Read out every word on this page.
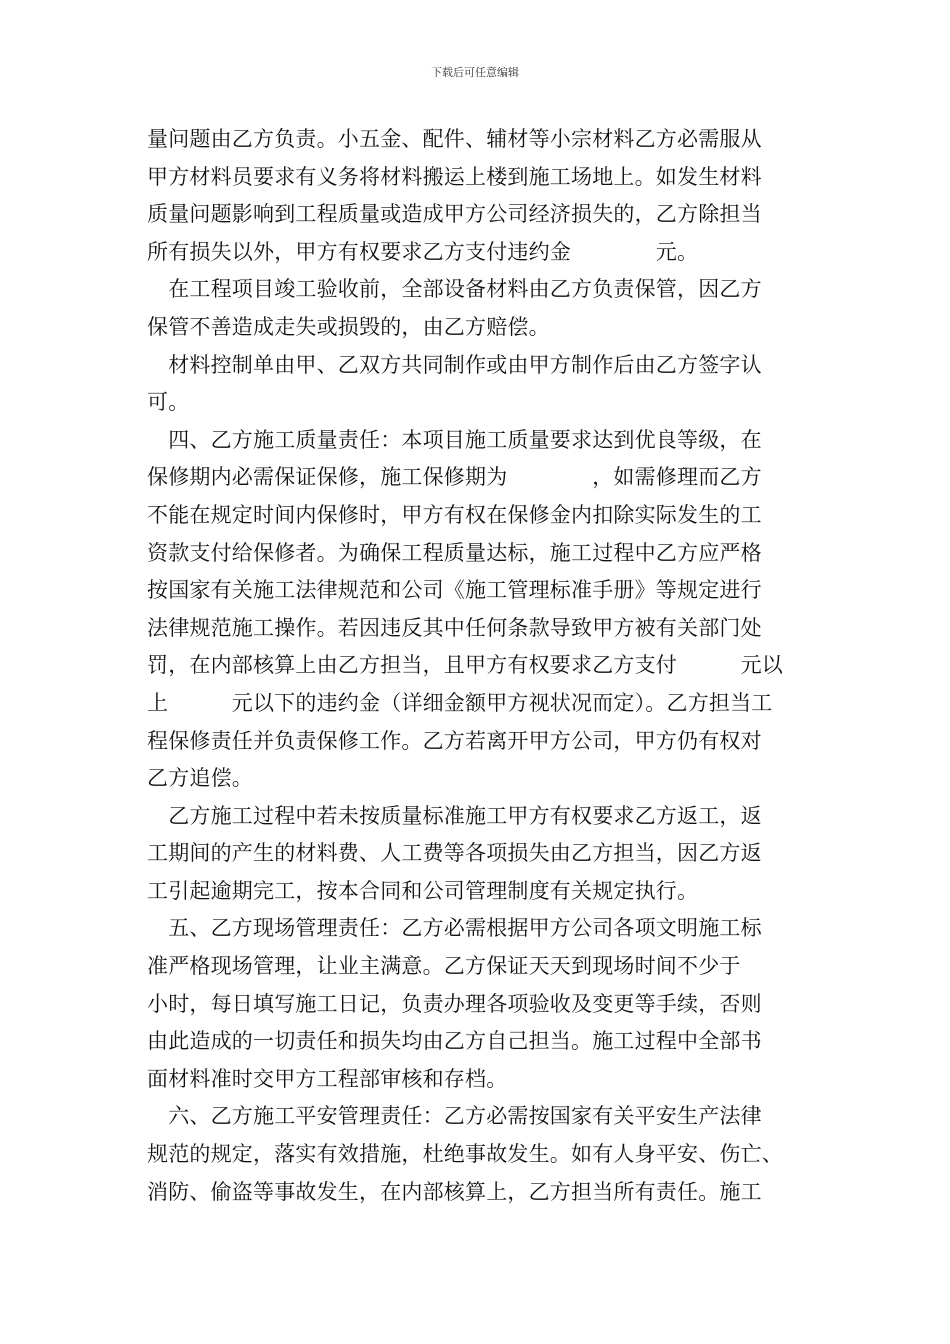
下载后可任意编辑
量问题由乙方负责。小五金、配件、辅材等小宗材料乙方必需服从
甲方材料员要求有义务将材料搬运上楼到施工场地上。如发生材料
质量问题影响到工程质量或造成甲方公司经济损失的，乙方除担当
所有损失以外，甲方有权要求乙方支付违约金　　　　元。
　在工程项目竣工验收前，全部设备材料由乙方负责保管，因乙方
保管不善造成走失或损毁的，由乙方赔偿。
　材料控制单由甲、乙双方共同制作或由甲方制作后由乙方签字认
可。
　四、乙方施工质量责任：本项目施工质量要求达到优良等级，在
保修期内必需保证保修，施工保修期为　　　　，如需修理而乙方
不能在规定时间内保修时，甲方有权在保修金内扣除实际发生的工
资款支付给保修者。为确保工程质量达标，施工过程中乙方应严格
按国家有关施工法律规范和公司《施工管理标准手册》等规定进行
法律规范施工操作。若因违反其中任何条款导致甲方被有关部门处
罚，在内部核算上由乙方担当，且甲方有权要求乙方支付　　　元以
上　　　元以下的违约金（详细金额甲方视状况而定）。乙方担当工
程保修责任并负责保修工作。乙方若离开甲方公司，甲方仍有权对
乙方追偿。
　乙方施工过程中若未按质量标准施工甲方有权要求乙方返工，返
工期间的产生的材料费、人工费等各项损失由乙方担当，因乙方返
工引起逾期完工，按本合同和公司管理制度有关规定执行。
　五、乙方现场管理责任：乙方必需根据甲方公司各项文明施工标
准严格现场管理，让业主满意。乙方保证天天到现场时间不少于
小时，每日填写施工日记，负责办理各项验收及变更等手续，否则
由此造成的一切责任和损失均由乙方自己担当。施工过程中全部书
面材料准时交甲方工程部审核和存档。
　六、乙方施工平安管理责任：乙方必需按国家有关平安生产法律
规范的规定，落实有效措施，杜绝事故发生。如有人身平安、伤亡、
消防、偷盗等事故发生，在内部核算上，乙方担当所有责任。施工
